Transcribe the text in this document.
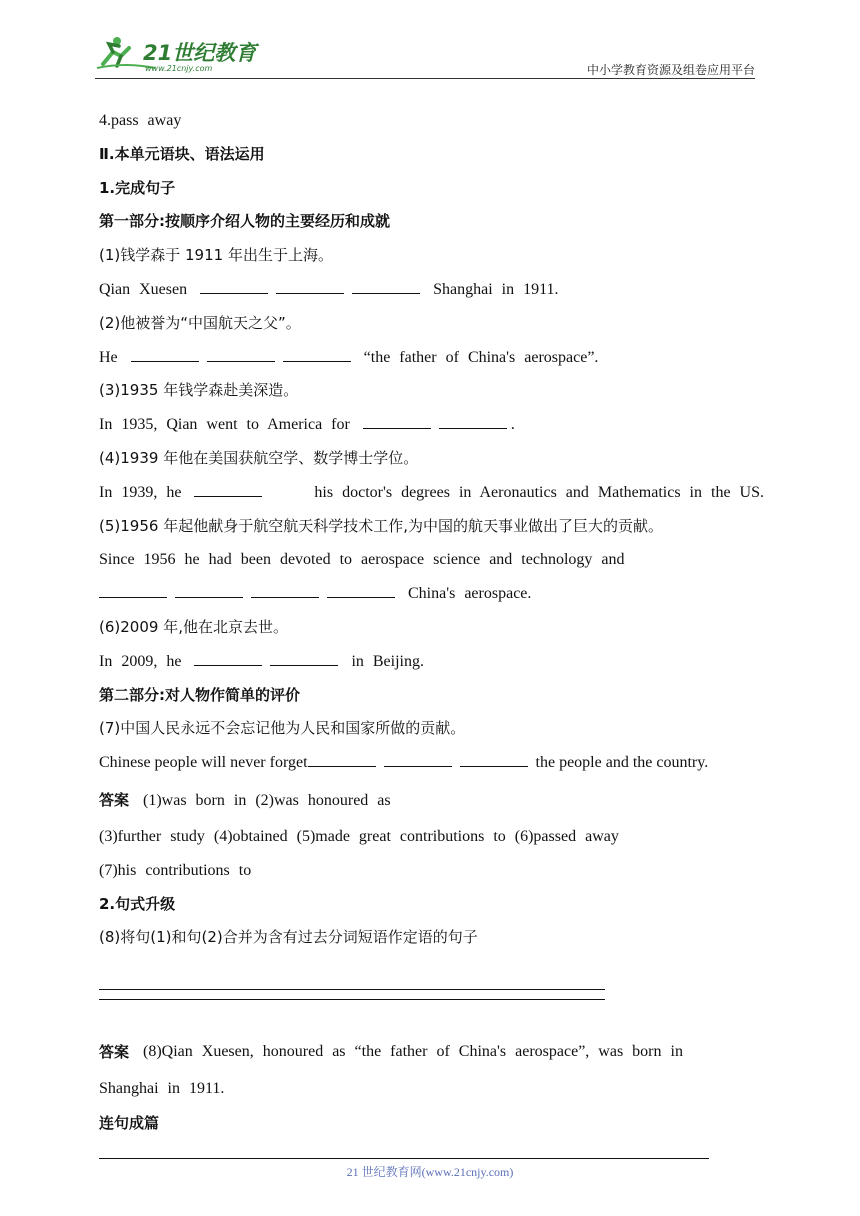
21世纪教育
www.21cnjy.com	中小学教育资源及组卷应用平台
4.pass away
Ⅱ.本单元语块、语法运用
1.完成句子
第一部分:按顺序介绍人物的主要经历和成就
(1)钱学森于 1911 年出生于上海。
Qian Xuesen	Shanghai in 1911.
(2)他被誉为“中国航天之父”。
He	“the father of China's aerospace”.
(3)1935 年钱学森赴美深造。
In 1935, Qian went to America for	.
(4)1939 年他在美国获航空学、数学博士学位。
In 1939, he	his doctor's degrees in Aeronautics and Mathematics in the US.
(5)1956 年起他献身于航空航天科学技术工作,为中国的航天事业做出了巨大的贡献。
Since 1956 he had been devoted to aerospace science and technology and
China's aerospace.
(6)2009 年,他在北京去世。
In 2009, he	in Beijing.
第二部分:对人物作简单的评价
(7)中国人民永远不会忘记他为人民和国家所做的贡献。
Chinese people will never forget	the people and the country.
答案 (1)was born in (2)was honoured as
(3)further study (4)obtained (5)made great contributions to (6)passed away
(7)his contributions to
2.句式升级
(8)将句(1)和句(2)合并为含有过去分词短语作定语的句子
答案 (8)Qian Xuesen, honoured as “the father of China's aerospace”, was born in
Shanghai in 1911.
连句成篇
21 世纪教育网(www.21cnjy.com)
